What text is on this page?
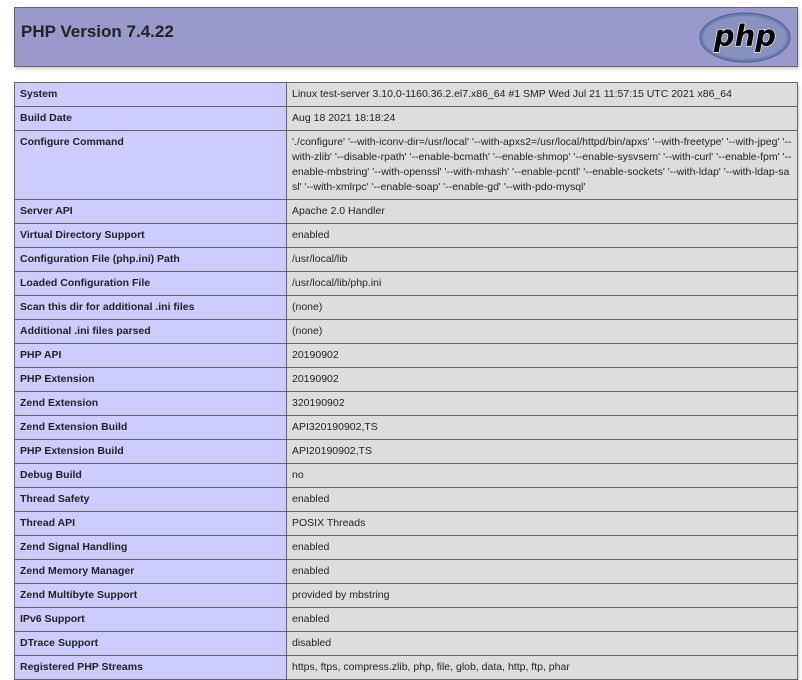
PHP Version 7.4.22	php
System	Linux test-server 3.10.0-1160.36.2.el7.x86_64 #1 SMP Wed Jul 21 11:57:15 UTC 2021 x86_64
Build Date	Aug 18 2021 18:18:24
Configure Command	'./configure' '--with-iconv-dir=/usr/local' '--with-apxs2=/usr/local/httpd/bin/apxs' '--with-freetype' '--with-jpeg' '--with-zlib' '--disable-rpath' '--enable-bcmath' '--enable-shmop' '--enable-sysvsem' '--with-curl' '--enable-fpm' '--enable-mbstring' '--with-openssl' '--with-mhash' '--enable-pcntl' '--enable-sockets' '--with-ldap' '--with-ldap-sasl' '--with-xmlrpc' '--enable-soap' '--enable-gd' '--with-pdo-mysql'
Server API	Apache 2.0 Handler
Virtual Directory Support	enabled
Configuration File (php.ini) Path	/usr/local/lib
Loaded Configuration File	/usr/local/lib/php.ini
Scan this dir for additional .ini files	(none)
Additional .ini files parsed	(none)
PHP API	20190902
PHP Extension	20190902
Zend Extension	320190902
Zend Extension Build	API320190902,TS
PHP Extension Build	API20190902,TS
Debug Build	no
Thread Safety	enabled
Thread API	POSIX Threads
Zend Signal Handling	enabled
Zend Memory Manager	enabled
Zend Multibyte Support	provided by mbstring
IPv6 Support	enabled
DTrace Support	disabled
Registered PHP Streams	https, ftps, compress.zlib, php, file, glob, data, http, ftp, phar
